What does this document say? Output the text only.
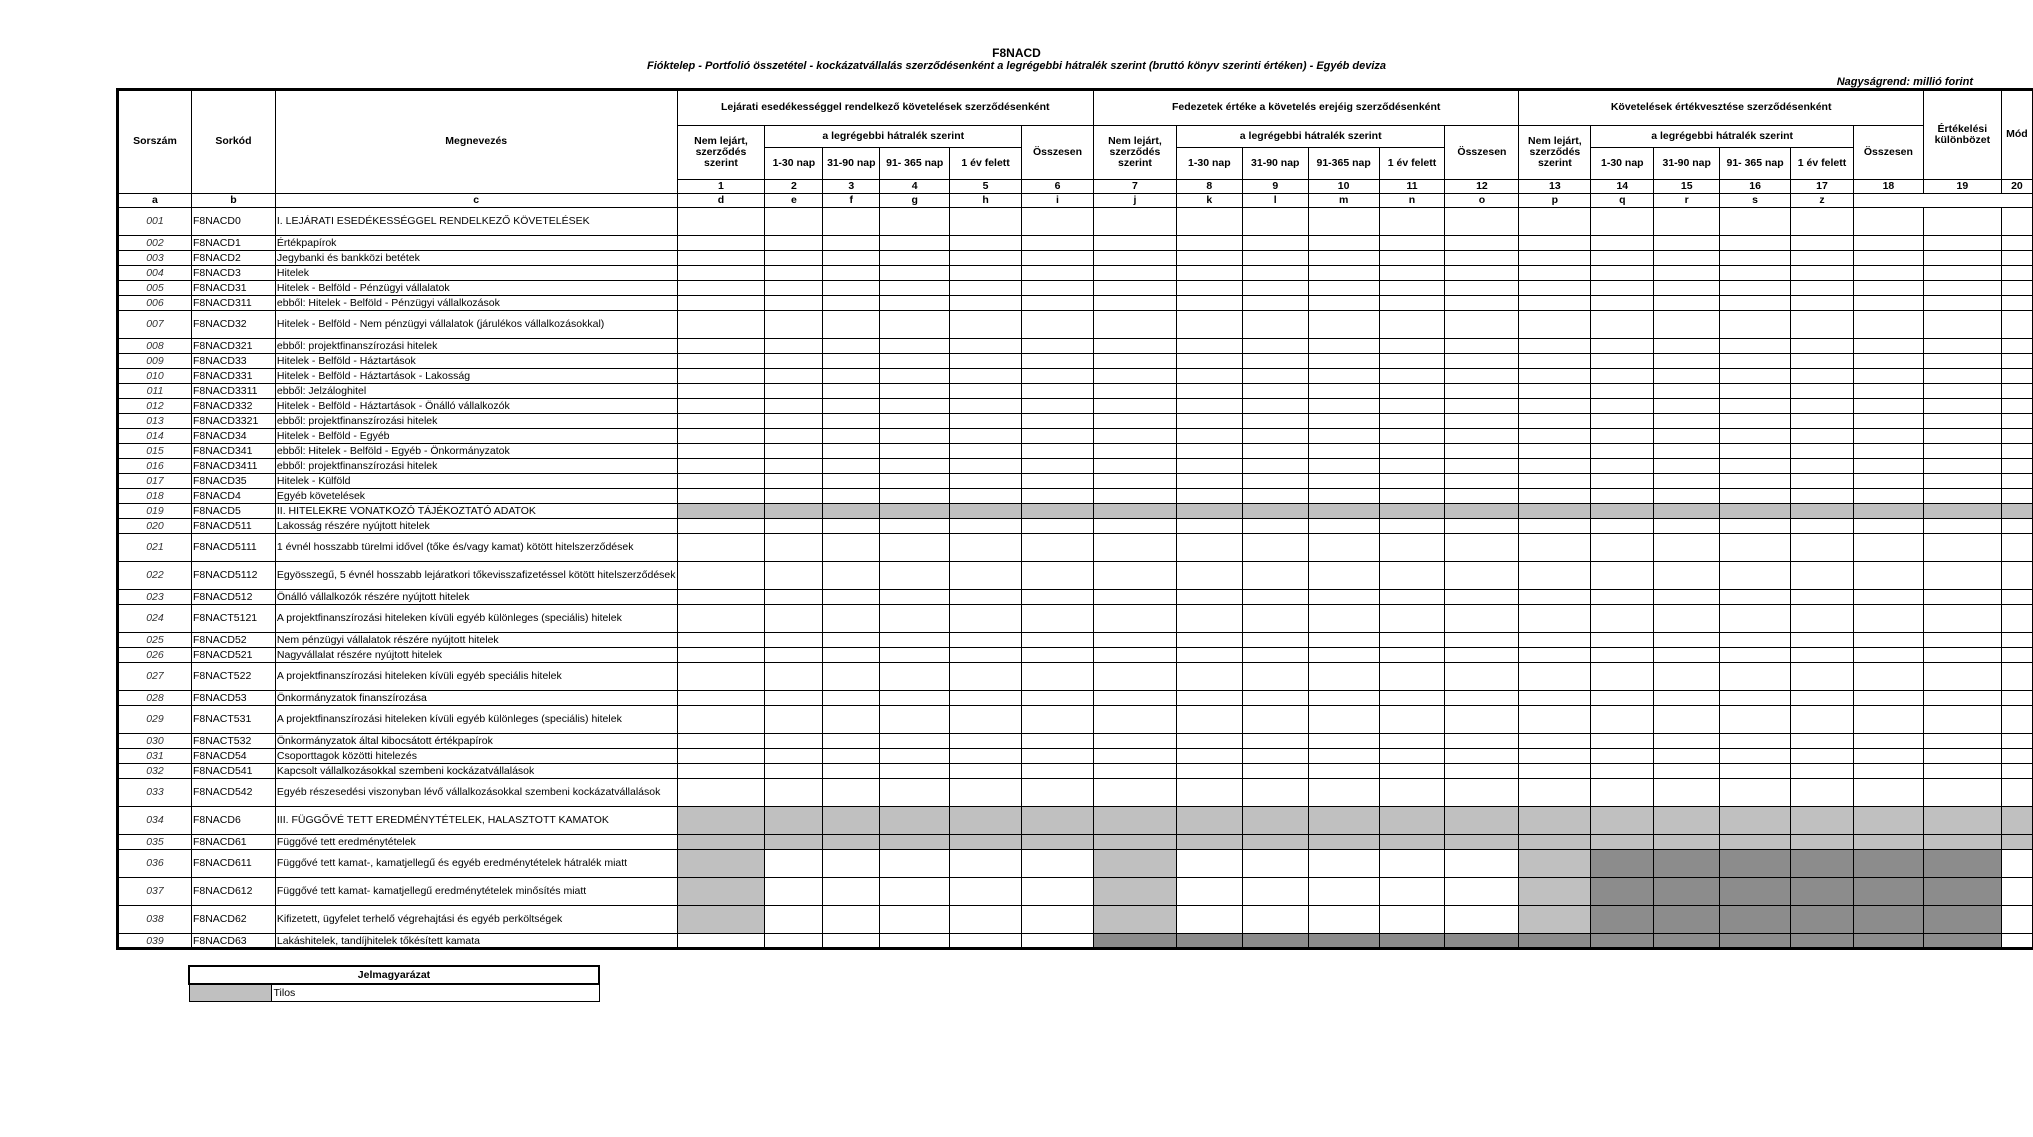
F8NACD
Fióktelep - Portfolió összetétel - kockázatvállalás szerződésenként a legrégebbi hátralék szerint (bruttó könyv szerinti értéken) - Egyéb deviza
Nagyságrend: millió forint
Sorszám	Sorkód	Megnevezés	Lejárati esedékességgel rendelkező követelések szerződésenként						Fedezetek értéke a követelés erejéig szerződésenként						Követelések értékvesztése szerződésenként						Értékelési különbözet	Mód
			Nem lejárt, szerződés szerint	a legrégebbi hátralék szerint				Összesen	Nem lejárt, szerződés szerint	a legrégebbi hátralék szerint				Összesen	Nem lejárt, szerződés szerint	a legrégebbi hátralék szerint				Összesen		
				1-30 nap	31-90 nap	91- 365 nap	1 év felett			1-30 nap	31-90 nap	91-365 nap	1 év felett			1-30 nap	31-90 nap	91- 365 nap	1 év felett			
			1	2	3	4	5	6	7	8	9	10	11	12	13	14	15	16	17	18	19	20
a	b	c	d	e	f	g	h	i	j	k	l	m	n	o	p	q	r	s	z			
001	F8NACD0	I. LEJÁRATI ESEDÉKESSÉGGEL RENDELKEZŐ KÖVETELÉSEK																				
002	F8NACD1	Értékpapírok																				
003	F8NACD2	Jegybanki és bankközi betétek																				
004	F8NACD3	Hitelek																				
005	F8NACD31	Hitelek - Belföld - Pénzügyi vállalatok																				
006	F8NACD311	ebből: Hitelek - Belföld - Pénzügyi vállalkozások																				
007	F8NACD32	Hitelek - Belföld - Nem pénzügyi vállalatok (járulékos vállalkozásokkal)																				
008	F8NACD321	ebből: projektfinanszírozási hitelek																				
009	F8NACD33	Hitelek - Belföld - Háztartások																				
010	F8NACD331	Hitelek - Belföld - Háztartások - Lakosság																				
011	F8NACD3311	ebből: Jelzáloghitel																				
012	F8NACD332	Hitelek - Belföld - Háztartások - Önálló vállalkozók																				
013	F8NACD3321	ebből: projektfinanszírozási hitelek																				
014	F8NACD34	Hitelek - Belföld - Egyéb																				
015	F8NACD341	ebből: Hitelek - Belföld - Egyéb - Önkormányzatok																				
016	F8NACD3411	ebből: projektfinanszírozási hitelek																				
017	F8NACD35	Hitelek - Külföld																				
018	F8NACD4	Egyéb követelések																				
019	F8NACD5	II. HITELEKRE VONATKOZÓ TÁJÉKOZTATÓ ADATOK																				
020	F8NACD511	Lakosság részére nyújtott hitelek																				
021	F8NACD5111	1 évnél hosszabb türelmi idővel (tőke és/vagy kamat) kötött hitelszerződések																				
022	F8NACD5112	Egyösszegű, 5 évnél hosszabb lejáratkori tőkevisszafizetéssel kötött hitelszerződések																				
023	F8NACD512	Önálló vállalkozók részére nyújtott hitelek																				
024	F8NACT5121	A projektfinanszírozási hiteleken kívüli egyéb különleges (speciális) hitelek																				
025	F8NACD52	Nem pénzügyi vállalatok részére nyújtott hitelek																				
026	F8NACD521	Nagyvállalat részére nyújtott hitelek																				
027	F8NACT522	A projektfinanszírozási hiteleken kívüli egyéb speciális hitelek																				
028	F8NACD53	Önkormányzatok finanszírozása																				
029	F8NACT531	A projektfinanszírozási hiteleken kívüli egyéb különleges (speciális) hitelek																				
030	F8NACT532	Önkormányzatok által kibocsátott értékpapírok																				
031	F8NACD54	Csoporttagok közötti hitelezés																				
032	F8NACD541	Kapcsolt vállalkozásokkal szembeni kockázatvállalások																				
033	F8NACD542	Egyéb részesedési viszonyban lévő vállalkozásokkal szembeni kockázatvállalások																				
034	F8NACD6	III. FÜGGŐVÉ TETT EREDMÉNYTÉTELEK, HALASZTOTT KAMATOK																				
035	F8NACD61	Függővé tett eredménytételek																				
036	F8NACD611	Függővé tett kamat-, kamatjellegű és egyéb eredménytételek hátralék miatt																				
037	F8NACD612	Függővé tett kamat- kamatjellegű eredménytételek minősítés miatt																				
038	F8NACD62	Kifizetett, ügyfelet terhelő végrehajtási és egyéb perköltségek																				
039	F8NACD63	Lakáshitelek, tandíjhitelek tőkésített kamata																				
Jelmagyarázat
	Tilos
